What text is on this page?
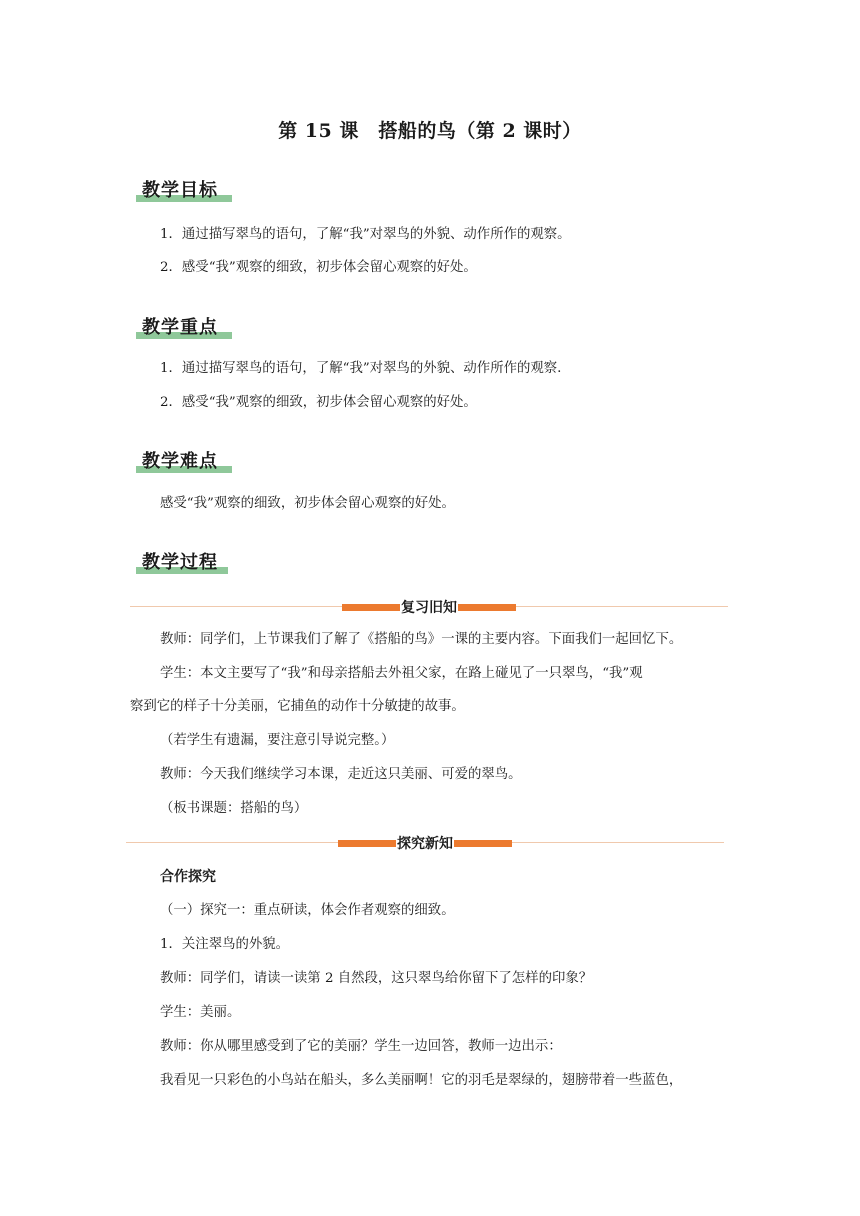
第 15 课　搭船的鸟（第 2 课时）
教学目标
1．通过描写翠鸟的语句，了解“我”对翠鸟的外貌、动作所作的观察。
2．感受“我”观察的细致，初步体会留心观察的好处。
教学重点
1．通过描写翠鸟的语句，了解“我”对翠鸟的外貌、动作所作的观察.
2．感受“我”观察的细致，初步体会留心观察的好处。
教学难点
感受“我”观察的细致，初步体会留心观察的好处。
教学过程
复习旧知
教师：同学们，上节课我们了解了《搭船的鸟》一课的主要内容。下面我们一起回忆下。
学生：本文主要写了“我”和母亲搭船去外祖父家，在路上碰见了一只翠鸟，“我”观
察到它的样子十分美丽，它捕鱼的动作十分敏捷的故事。
（若学生有遗漏，要注意引导说完整。）
教师：今天我们继续学习本课，走近这只美丽、可爱的翠鸟。
（板书课题：搭船的鸟）
探究新知
合作探究
（一）探究一：重点研读，体会作者观察的细致。
1．关注翠鸟的外貌。
教师：同学们，请读一读第 2 自然段，这只翠鸟给你留下了怎样的印象？
学生：美丽。
教师：你从哪里感受到了它的美丽？学生一边回答，教师一边出示：
我看见一只彩色的小鸟站在船头，多么美丽啊！它的羽毛是翠绿的，翅膀带着一些蓝色，
